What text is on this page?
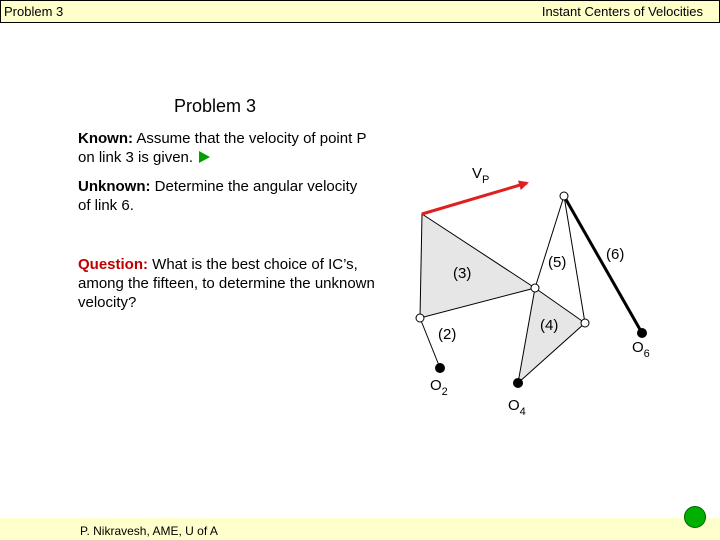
Problem 3	Instant Centers of Velocities
Problem 3
Known: Assume that the velocity of point P on link 3 is given.
Unknown: Determine the angular velocity of link 6.
Question: What is the best choice of IC’s, among the fifteen, to determine the unknown velocity?
$V_P$
(3)
(2)
(4)
(5)	(6)
$O_2$
$O_4$
$O_6$
P. Nikravesh, AME, U of A
